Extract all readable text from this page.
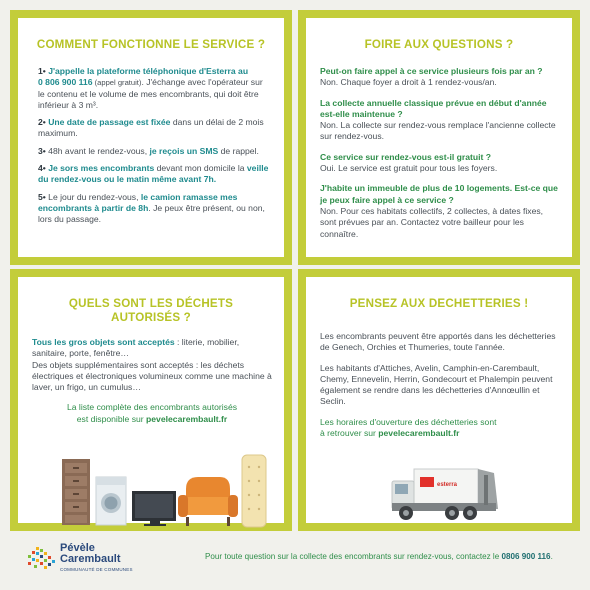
COMMENT FONCTIONNE LE SERVICE ?

1• J'appelle la plateforme téléphonique d'Esterra au
0 806 900 116 (appel gratuit). J'échange avec l'opérateur sur le contenu et le volume de mes encombrants, qui doit être inférieur à 3 m³.

2• Une date de passage est fixée dans un délai de 2 mois maximum.

3• 48h avant le rendez-vous, je reçois un SMS de rappel.

4• Je sors mes encombrants devant mon domicile la veille du rendez-vous ou le matin même avant 7h.

5• Le jour du rendez-vous, le camion ramasse mes encombrants à partir de 8h. Je peux être présent, ou non, lors du passage.

FOIRE AUX QUESTIONS ?

Peut-on faire appel à ce service plusieurs fois par an ?

Non. Chaque foyer a droit à 1 rendez-vous/an.

La collecte annuelle classique prévue en début d'année est-elle maintenue ?

Non. La collecte sur rendez-vous remplace l'ancienne collecte sur rendez-vous.

Ce service sur rendez-vous est-il gratuit ?

Oui. Le service est gratuit pour tous les foyers.

J'habite un immeuble de plus de 10 logements. Est-ce que je peux faire appel à ce service ?

Non. Pour ces habitats collectifs, 2 collectes, à dates fixes, sont prévues par an. Contactez votre bailleur pour les connaître.

QUELS SONT LES DÉCHETS
AUTORISÉS ?

Tous les gros objets sont acceptés : literie, mobilier, sanitaire, porte, fenêtre…

Des objets supplémentaires sont acceptés : les déchets électriques et électroniques volumineux comme une machine à laver, un frigo, un cumulus…

La liste complète des encombrants autorisés
est disponible sur pevelecarembault.fr

PENSEZ AUX DECHETTERIES !

Les encombrants peuvent être apportés dans les déchetteries de Genech, Orchies et Thumeries, toute l'année.

Les habitants d'Attiches, Avelin, Camphin-en-Carembault, Chemy, Ennevelin, Herrin, Gondecourt et Phalempin peuvent également se rendre dans les déchetteries d'Annœullin et Seclin.

Les horaires d'ouverture des déchetteries sont
à retrouver sur pevelecarembault.fr

esterra
Pévèle
Carembault
COMMUNAUTÉ DE COMMUNES
Pour toute question sur la collecte des encombrants sur rendez-vous, contactez le 0806 900 116.
